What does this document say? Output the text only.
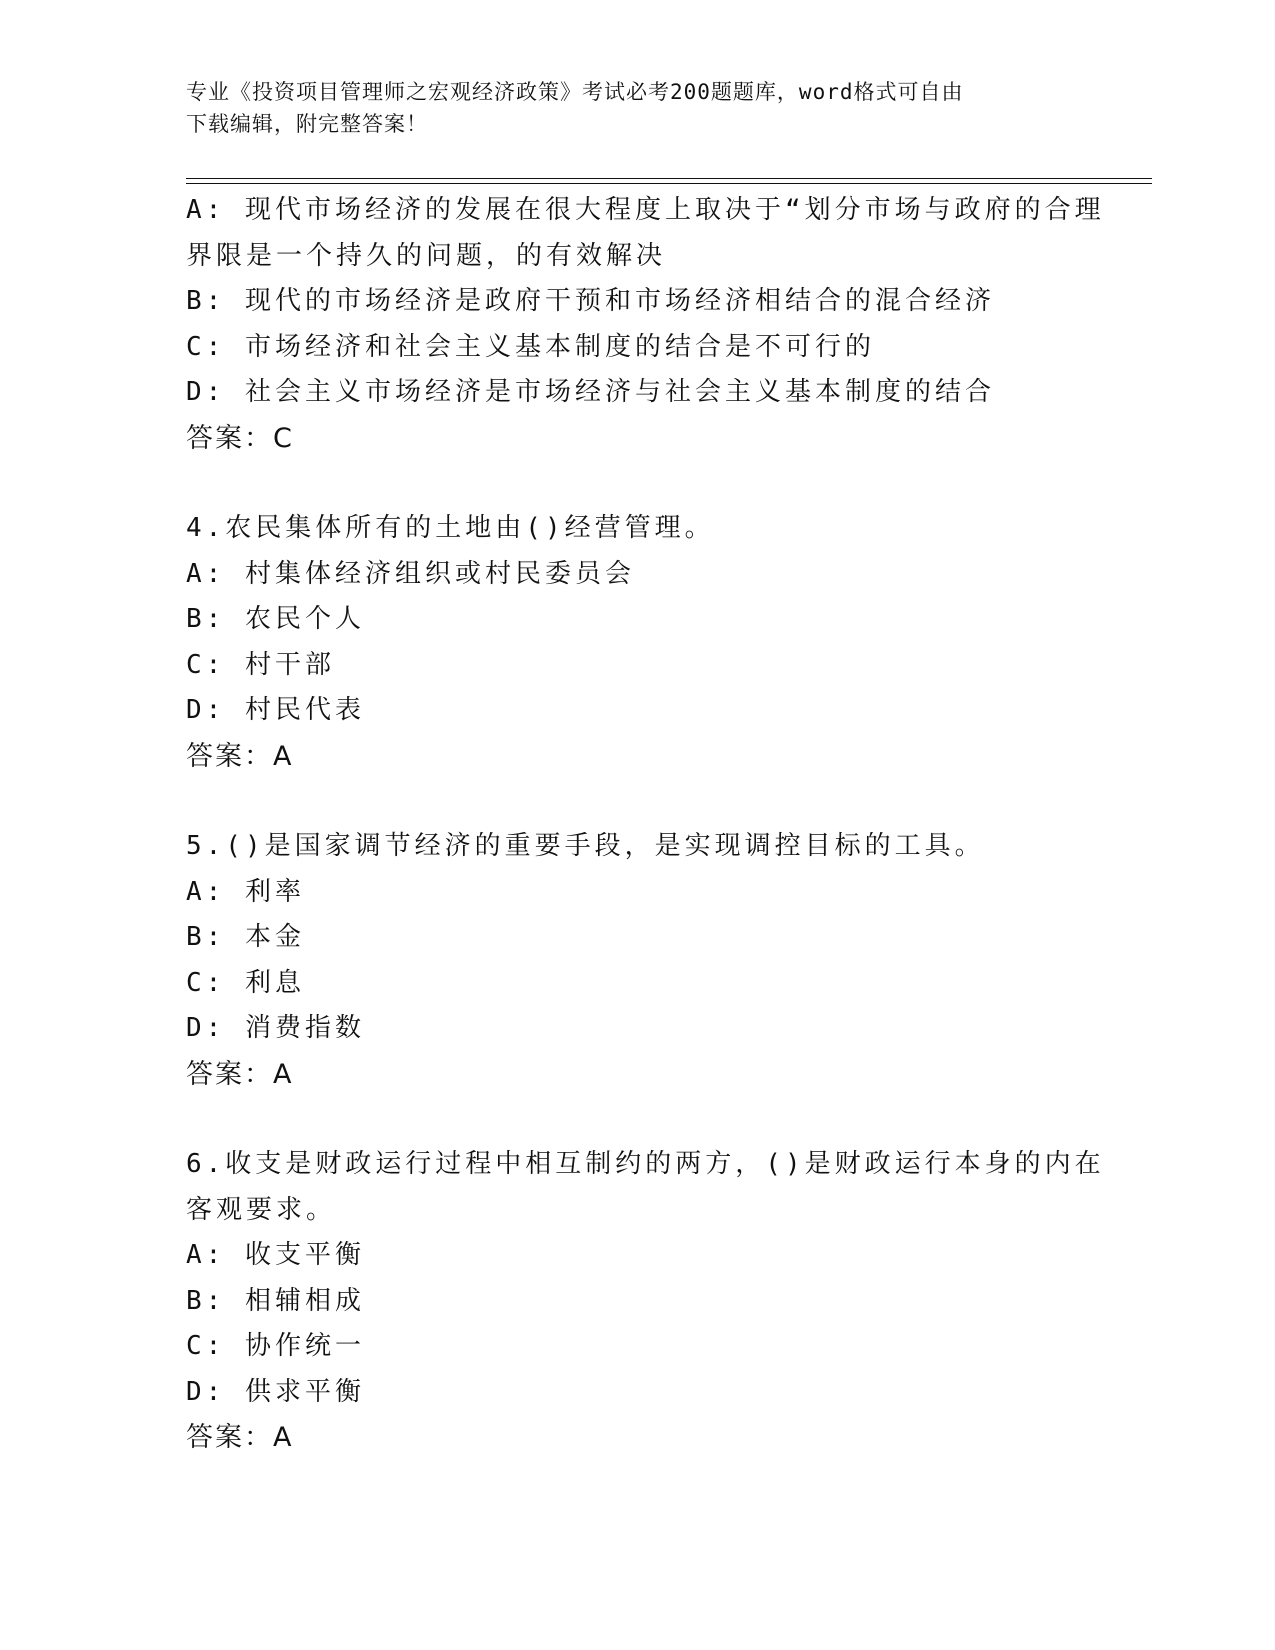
专业《投资项目管理师之宏观经济政策》考试必考200题题库，word格式可自由
下载编辑，附完整答案！
A: 现代市场经济的发展在很大程度上取决于“划分市场与政府的合理
界限是一个持久的问题，的有效解决
B: 现代的市场经济是政府干预和市场经济相结合的混合经济
C: 市场经济和社会主义基本制度的结合是不可行的
D: 社会主义市场经济是市场经济与社会主义基本制度的结合
答案：C
4.农民集体所有的土地由()经营管理。
A: 村集体经济组织或村民委员会
B: 农民个人
C: 村干部
D: 村民代表
答案：A
5.()是国家调节经济的重要手段，是实现调控目标的工具。
A: 利率
B: 本金
C: 利息
D: 消费指数
答案：A
6.收支是财政运行过程中相互制约的两方，()是财政运行本身的内在
客观要求。
A: 收支平衡
B: 相辅相成
C: 协作统一
D: 供求平衡
答案：A
